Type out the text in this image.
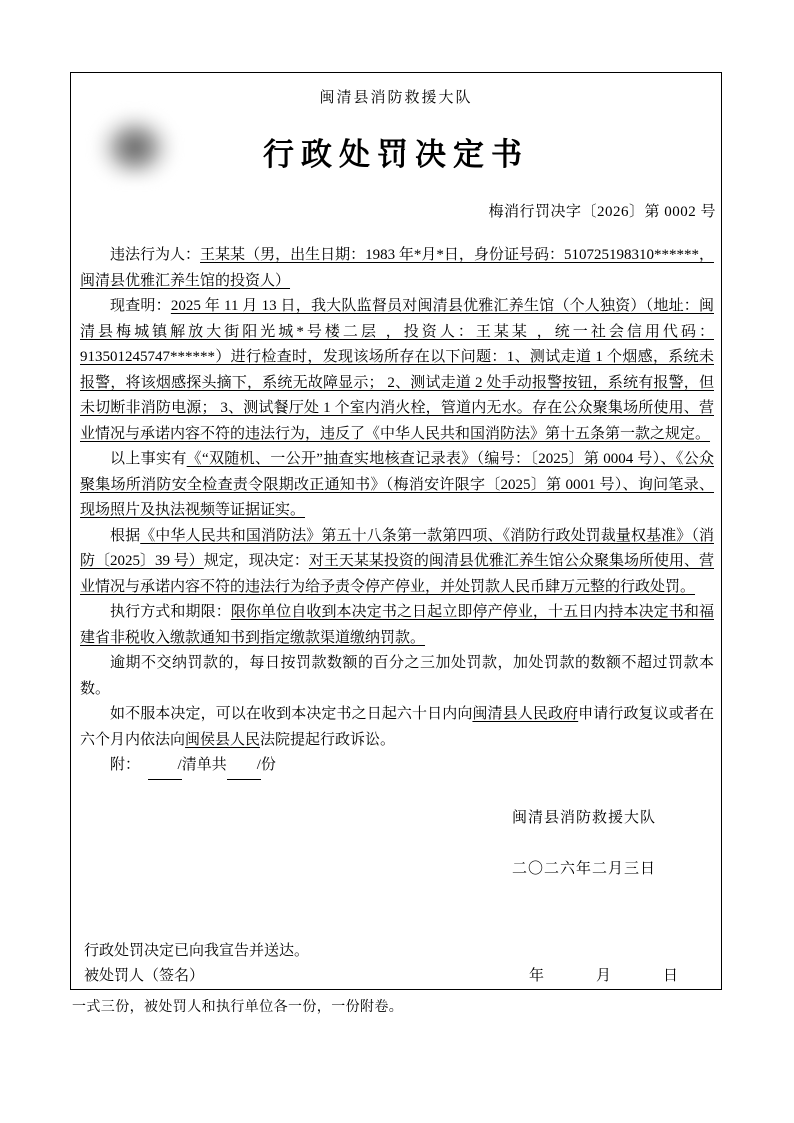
闽清县消防救援大队
行政处罚决定书
梅消行罚决字〔2026〕第 0002 号

违法行为人：王某某（男，出生日期：1983 年*月*日，身份证号码：510725198310******，闽清县优雅汇养生馆的投资人）

现查明：2025 年 11 月 13 日，我大队监督员对闽清县优雅汇养生馆（个人独资）（地址：闽清县梅城镇解放大街阳光城*号楼二层 ，投资人：王某某 ，统一社会信用代码：913501245747******）进行检查时，发现该场所存在以下问题：1、测试走道 1 个烟感，系统未报警，将该烟感探头摘下，系统无故障显示； 2、测试走道 2 处手动报警按钮，系统有报警，但未切断非消防电源； 3、测试餐厅处 1 个室内消火栓，管道内无水。存在公众聚集场所使用、营业情况与承诺内容不符的违法行为，违反了《中华人民共和国消防法》第十五条第一款之规定。

以上事实有《“双随机、一公开”抽查实地核查记录表》（编号：〔2025〕第 0004 号）、《公众聚集场所消防安全检查责令限期改正通知书》（梅消安许限字〔2025〕第 0001 号）、询问笔录、现场照片及执法视频等证据证实。

根据《中华人民共和国消防法》第五十八条第一款第四项、《消防行政处罚裁量权基准》（消防〔2025〕39 号）规定，现决定：对王天某某投资的闽清县优雅汇养生馆公众聚集场所使用、营业情况与承诺内容不符的违法行为给予责令停产停业，并处罚款人民币肆万元整的行政处罚。

执行方式和期限：限你单位自收到本决定书之日起立即停产停业，十五日内持本决定书和福建省非税收入缴款通知书到指定缴款渠道缴纳罚款。

逾期不交纳罚款的，每日按罚款数额的百分之三加处罚款，加处罚款的数额不超过罚款本数。

如不服本决定，可以在收到本决定书之日起六十日内向闽清县人民政府申请行政复议或者在六个月内依法向闽侯县人民法院提起行政诉讼。

附：	/清单共 /份

闽清县消防救援大队
二〇二六年二月三日
行政处罚决定已向我宣告并送达。
被处罚人（签名）	年	月	日
一式三份，被处罚人和执行单位各一份，一份附卷。
